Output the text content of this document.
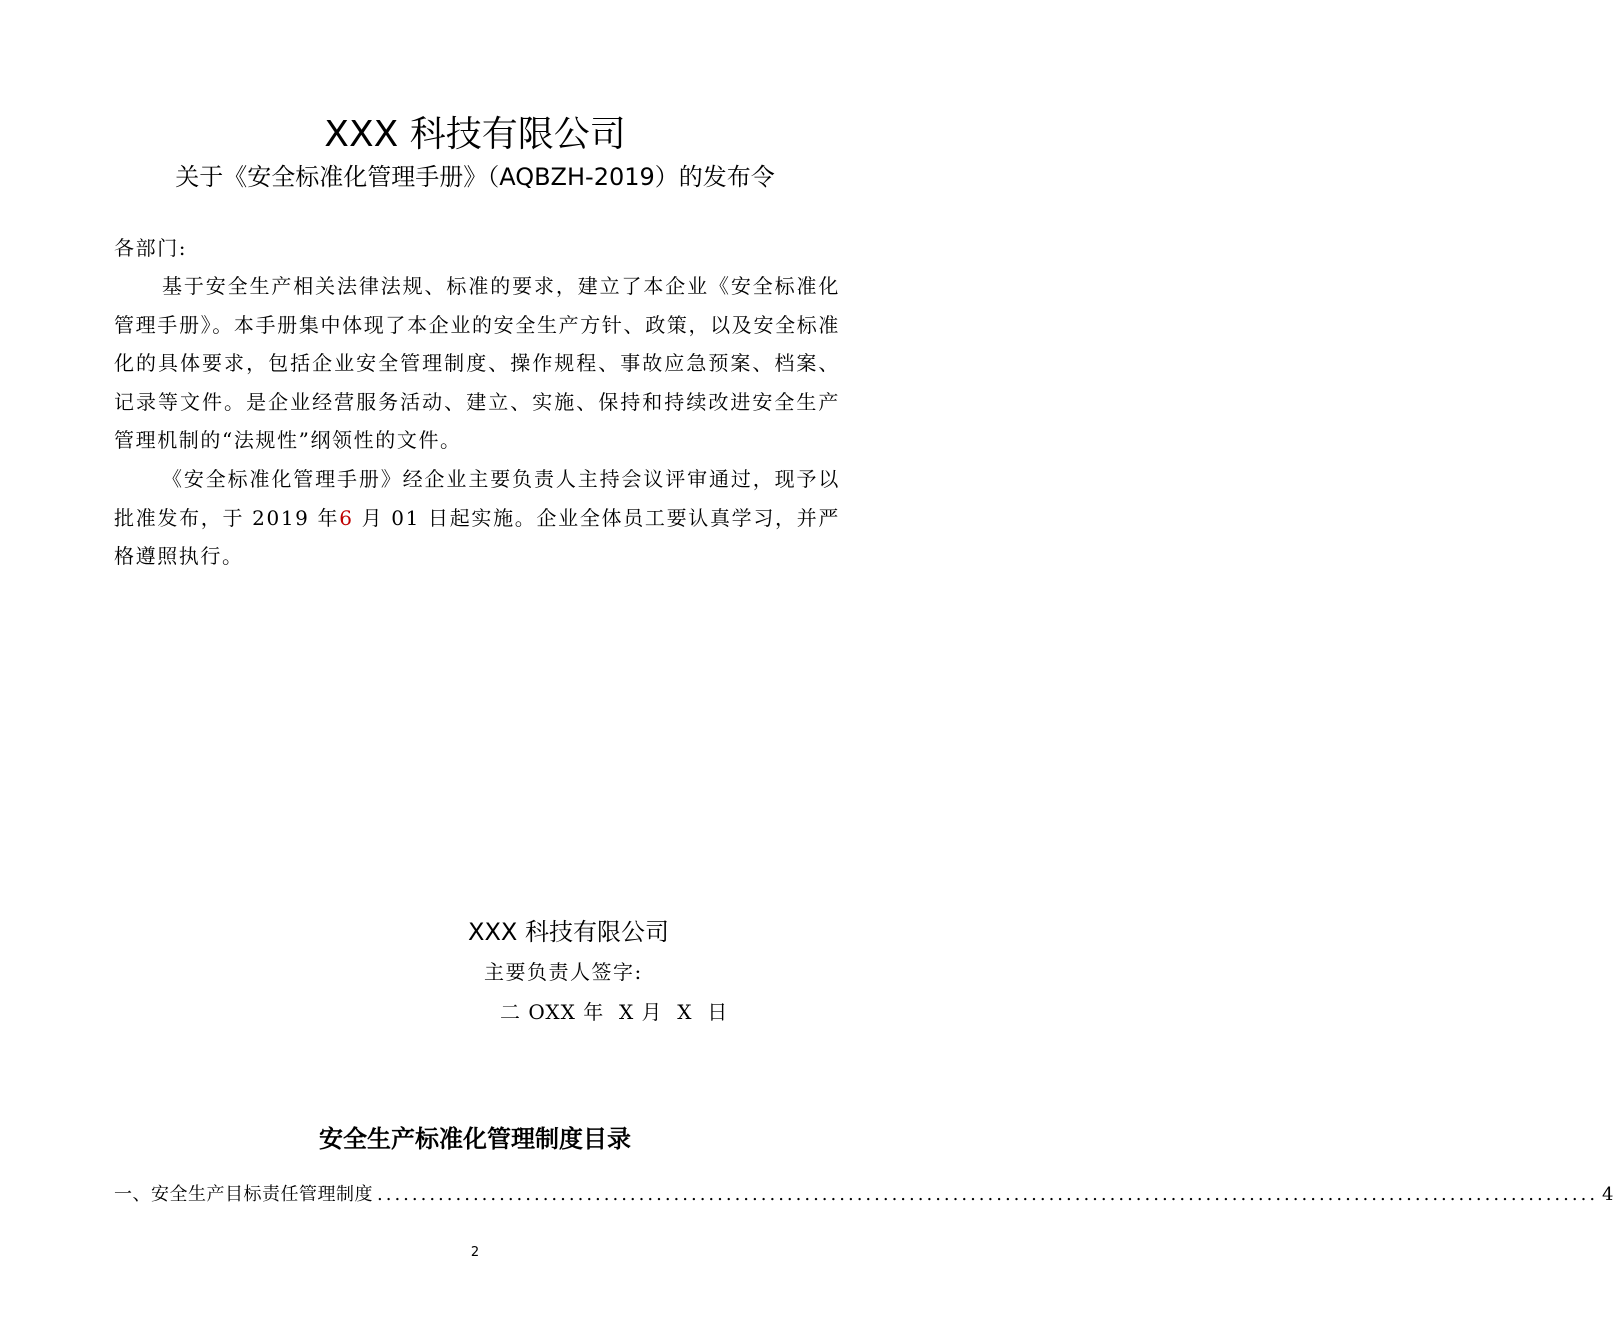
XXX 科技有限公司
关于《安全标准化管理手册》（AQBZH-2019）的发布令
各部门:
基于安全生产相关法律法规、标准的要求，建立了本企业《安全标准化管理手册》。本手册集中体现了本企业的安全生产方针、政策，以及安全标准化的具体要求，包括企业安全管理制度、操作规程、事故应急预案、档案、记录等文件。是企业经营服务活动、建立、实施、保持和持续改进安全生产管理机制的“法规性”纲领性的文件。
《安全标准化管理手册》经企业主要负责人主持会议评审通过，现予以批准发布，于 2019 年6 月 01 日起实施。企业全体员工要认真学习，并严格遵照执行。
XXX 科技有限公司
主要负责人签字:
二 OXX 年  X 月  X  日
安全生产标准化管理制度目录
一、安全生产目标责任管理制度 ............................................................................................................................................ 4
2
